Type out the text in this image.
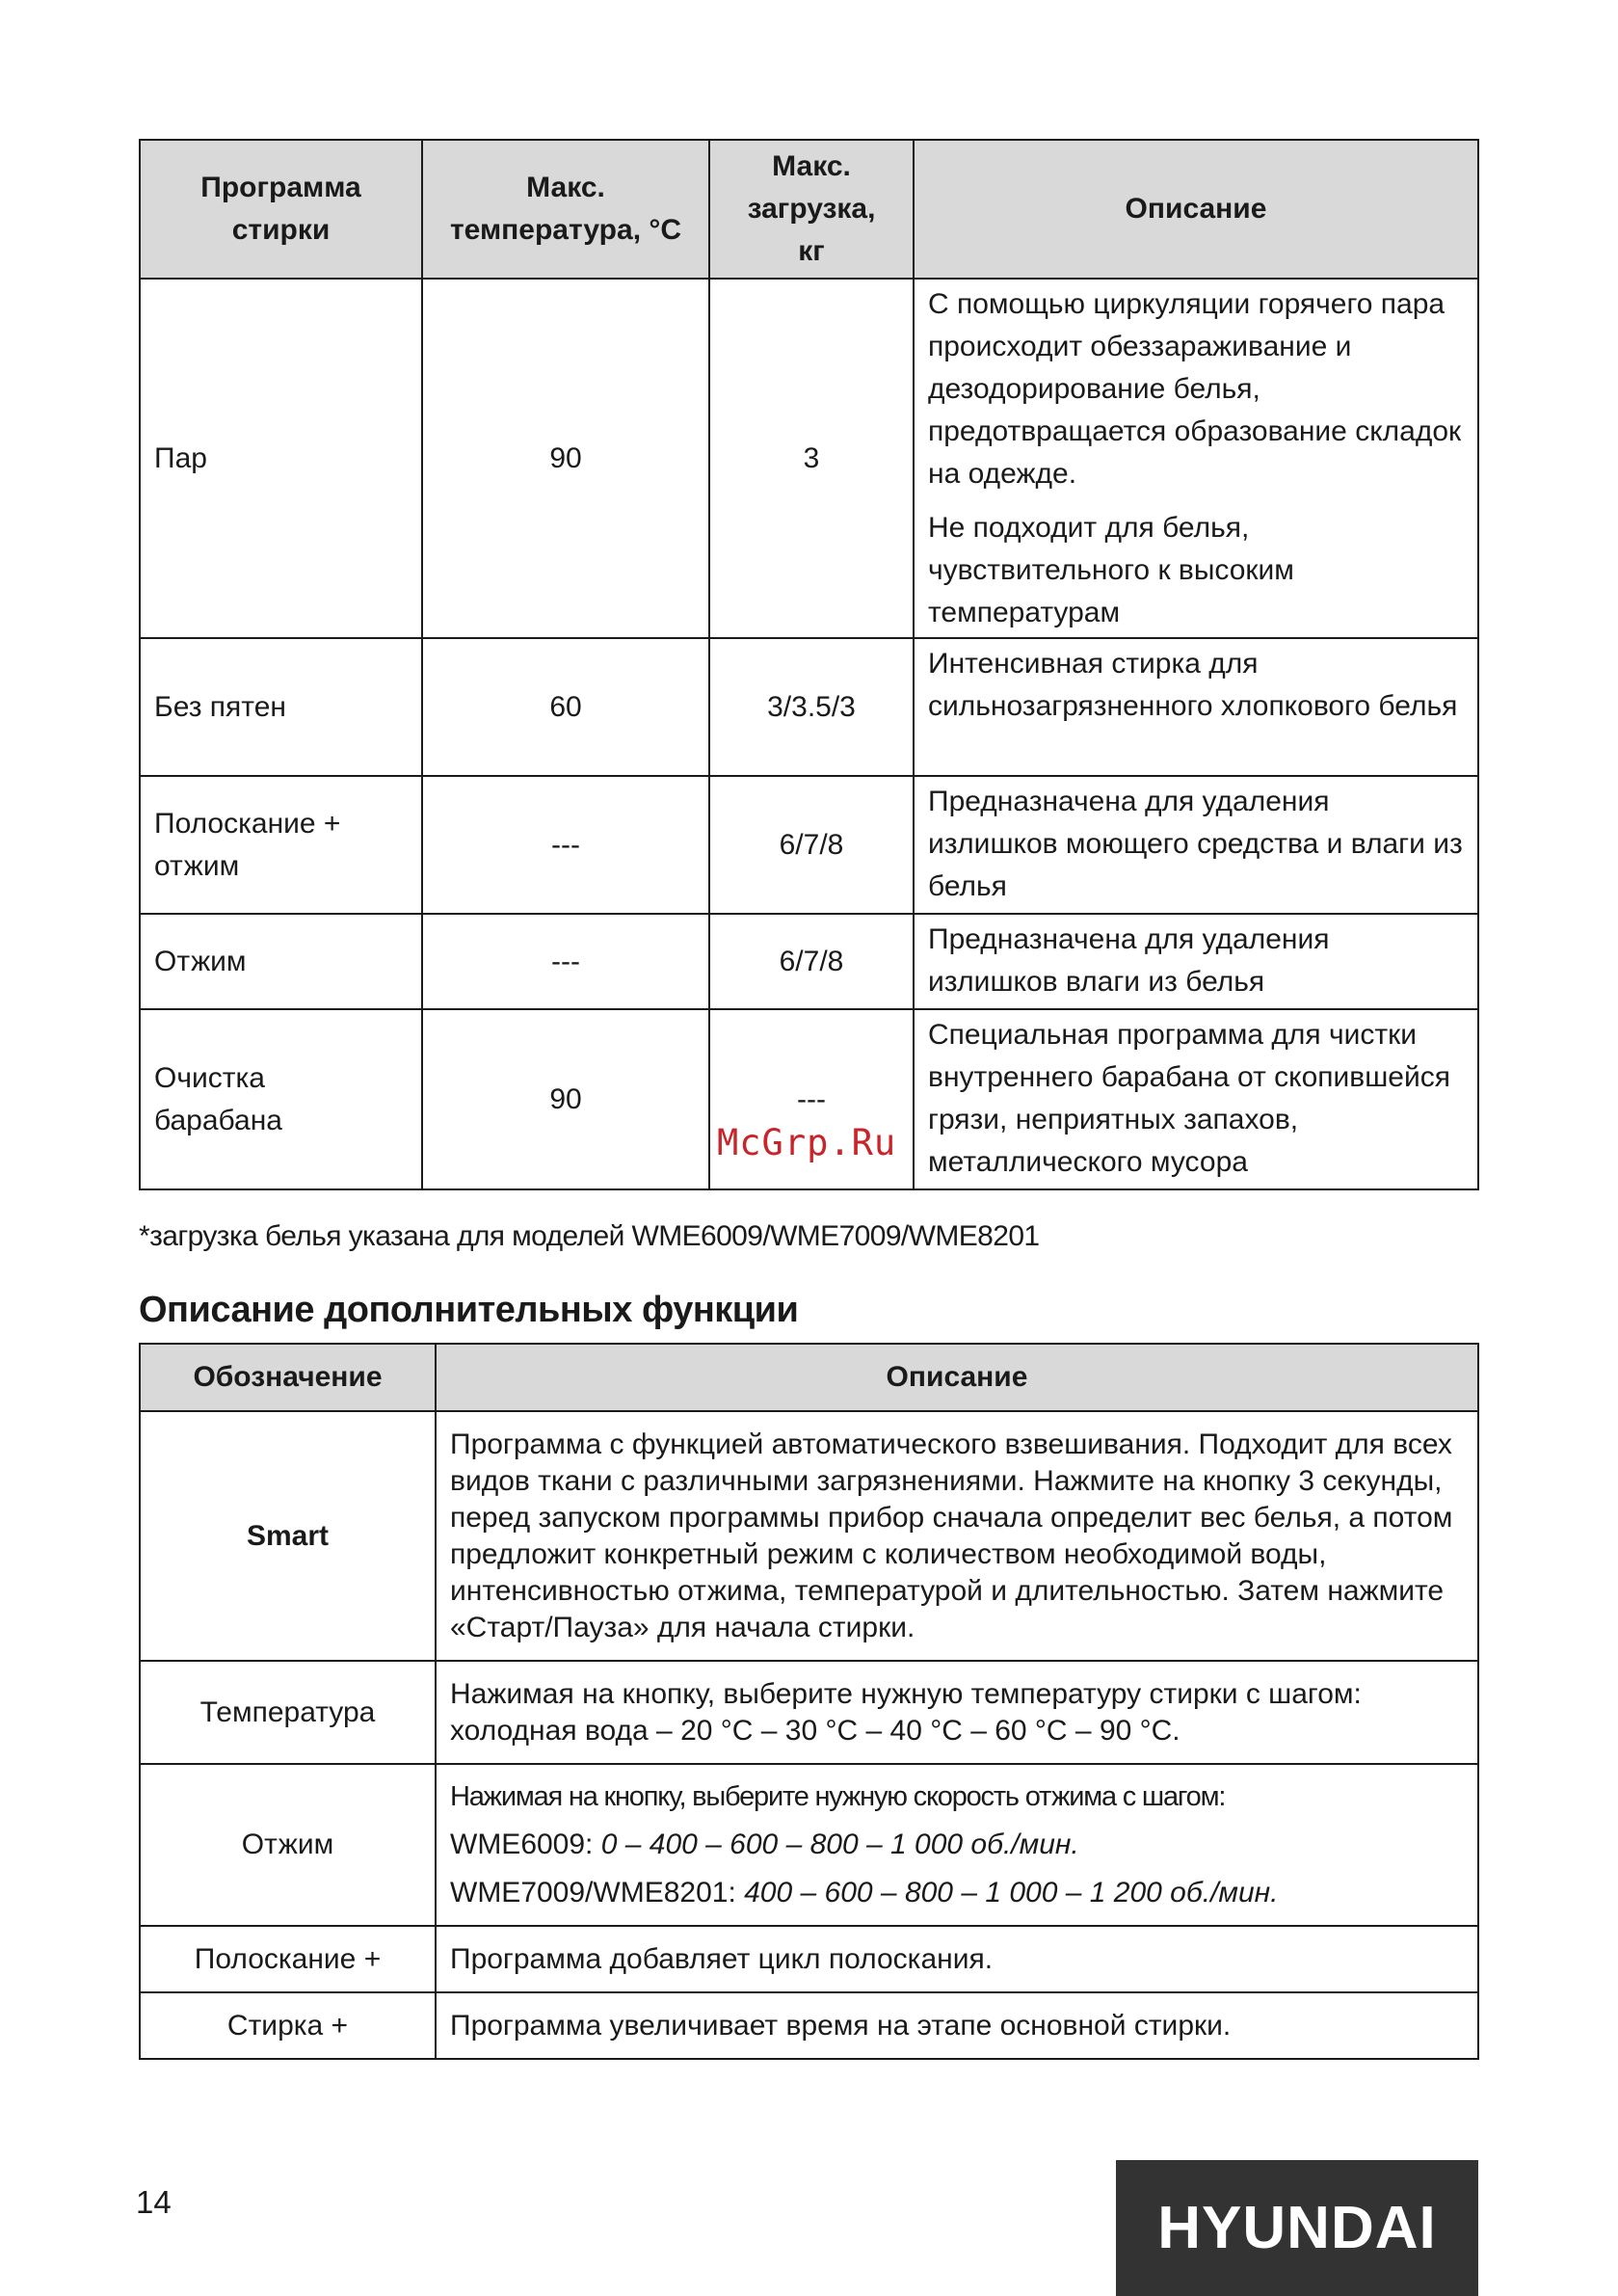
Программа стирки	Макс. температура, °C	Макс. загрузка, кг	Описание
Пар	90	3	С помощью циркуляции горячего пара происходит обеззараживание и дезодорирование белья, предотвращается образование складок на одежде.

Не подходит для белья, чувствительного к высоким температурам

Без пятен	60	3/3.5/3	Интенсивная стирка для сильнозагрязненного хлопкового белья

Полоскание + отжим	---	6/7/8	Предназначена для удаления излишков моющего средства и влаги из белья

Отжим	---	6/7/8	Предназначена для удаления излишков влаги из белья

Очистка барабана	90	---	Специальная программа для чистки внутреннего барабана от скопившейся грязи, неприятных запахов, металлического мусора

McGrp.Ru
*загрузка белья указана для моделей WME6009/WME7009/WME8201
Описание дополнительных функции
Обозначение	Описание
Smart	Программа с функцией автоматического взвешивания. Подходит для всех видов ткани с различными загрязнениями. Нажмите на кнопку 3 секунды, перед запуском программы прибор сначала определит вес белья, а потом предложит конкретный режим с количеством необходимой воды, интенсивностью отжима, температурой и длительностью. Затем нажмите «Старт/Пауза» для начала стирки.
Температура	Нажимая на кнопку, выберите нужную температуру стирки с шагом: холодная вода – 20 °C – 30 °C – 40 °C – 60 °C – 90 °C.
Отжим	Нажимая на кнопку, выберите нужную скорость отжима с шагом:

WME6009: 0 – 400 – 600 – 800 – 1 000 об./мин.

WME7009/WME8201: 400 – 600 – 800 – 1 000 – 1 200 об./мин.

Полоскание +	Программа добавляет цикл полоскания.
Стирка +	Программа увеличивает время на этапе основной стирки.
14	HYUNDAI
